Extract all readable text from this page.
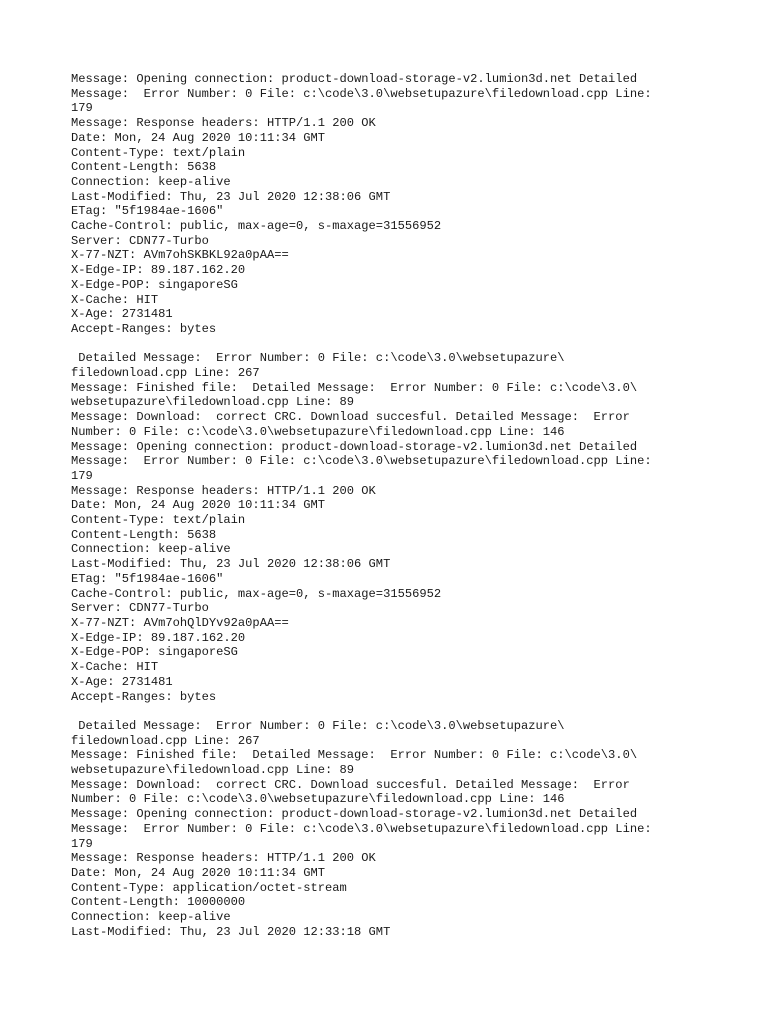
Message: Opening connection: product-download-storage-v2.lumion3d.net Detailed
Message:  Error Number: 0 File: c:\code\3.0\websetupazure\filedownload.cpp Line:
179
Message: Response headers: HTTP/1.1 200 OK
Date: Mon, 24 Aug 2020 10:11:34 GMT
Content-Type: text/plain
Content-Length: 5638
Connection: keep-alive
Last-Modified: Thu, 23 Jul 2020 12:38:06 GMT
ETag: "5f1984ae-1606"
Cache-Control: public, max-age=0, s-maxage=31556952
Server: CDN77-Turbo
X-77-NZT: AVm7ohSKBKL92a0pAA==
X-Edge-IP: 89.187.162.20
X-Edge-POP: singaporeSG
X-Cache: HIT
X-Age: 2731481
Accept-Ranges: bytes
Detailed Message:  Error Number: 0 File: c:\code\3.0\websetupazure\
filedownload.cpp Line: 267
Message: Finished file:  Detailed Message:  Error Number: 0 File: c:\code\3.0\
websetupazure\filedownload.cpp Line: 89
Message: Download:  correct CRC. Download succesful. Detailed Message:  Error
Number: 0 File: c:\code\3.0\websetupazure\filedownload.cpp Line: 146
Message: Opening connection: product-download-storage-v2.lumion3d.net Detailed
Message:  Error Number: 0 File: c:\code\3.0\websetupazure\filedownload.cpp Line:
179
Message: Response headers: HTTP/1.1 200 OK
Date: Mon, 24 Aug 2020 10:11:34 GMT
Content-Type: text/plain
Content-Length: 5638
Connection: keep-alive
Last-Modified: Thu, 23 Jul 2020 12:38:06 GMT
ETag: "5f1984ae-1606"
Cache-Control: public, max-age=0, s-maxage=31556952
Server: CDN77-Turbo
X-77-NZT: AVm7ohQlDYv92a0pAA==
X-Edge-IP: 89.187.162.20
X-Edge-POP: singaporeSG
X-Cache: HIT
X-Age: 2731481
Accept-Ranges: bytes
Detailed Message:  Error Number: 0 File: c:\code\3.0\websetupazure\
filedownload.cpp Line: 267
Message: Finished file:  Detailed Message:  Error Number: 0 File: c:\code\3.0\
websetupazure\filedownload.cpp Line: 89
Message: Download:  correct CRC. Download succesful. Detailed Message:  Error
Number: 0 File: c:\code\3.0\websetupazure\filedownload.cpp Line: 146
Message: Opening connection: product-download-storage-v2.lumion3d.net Detailed
Message:  Error Number: 0 File: c:\code\3.0\websetupazure\filedownload.cpp Line:
179
Message: Response headers: HTTP/1.1 200 OK
Date: Mon, 24 Aug 2020 10:11:34 GMT
Content-Type: application/octet-stream
Content-Length: 10000000
Connection: keep-alive
Last-Modified: Thu, 23 Jul 2020 12:33:18 GMT
